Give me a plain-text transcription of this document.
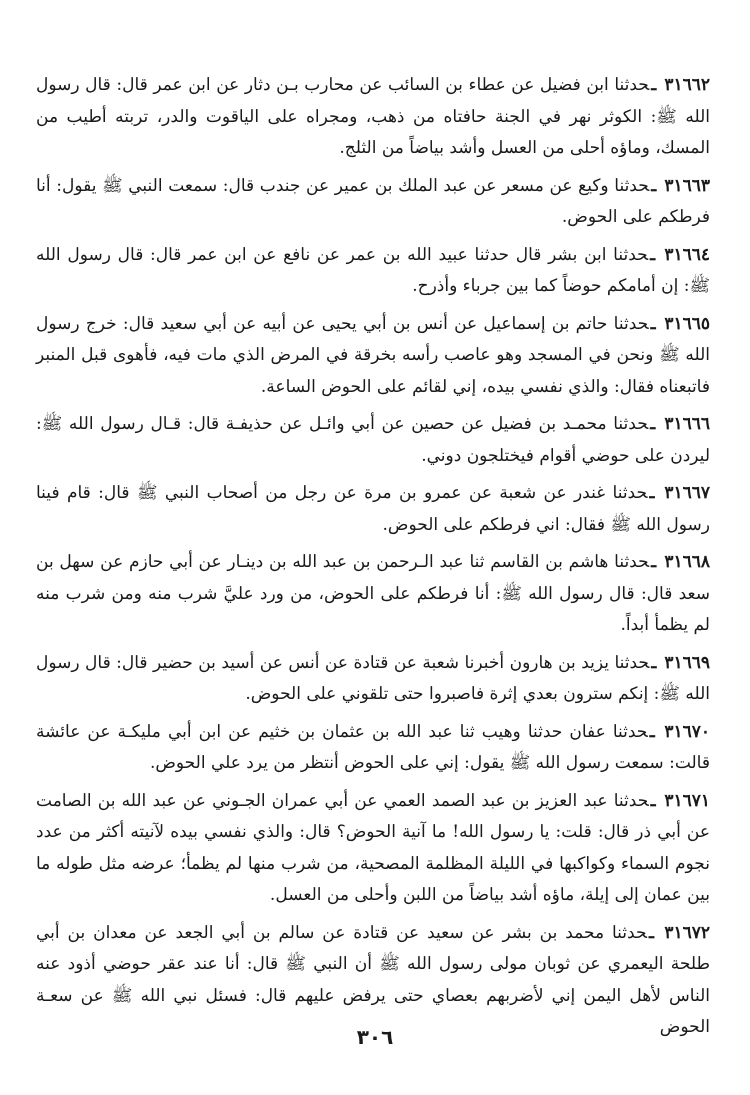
٣١٦٦٢ ـحدثنا ابن فضيل عن عطاء بن السائب عن محارب بـن دثار عن ابن عمر قال: قال رسول الله ﷺ: الكوثر نهر في الجنة حافتاه من ذهب، ومجراه على الياقوت والدر، تربته أطيب من المسك، وماؤه أحلى من العسل وأشد بياضاً من الثلج.

٣١٦٦٣ ـحدثنا وكيع عن مسعر عن عبد الملك بن عمير عن جندب قال: سمعت النبي ﷺ يقول: أنا فرطكم على الحوض.

٣١٦٦٤ ـحدثنا ابن بشر قال حدثنا عبيد الله بن عمر عن نافع عن ابن عمر قال: قال رسول الله ﷺ: إن أمامكم حوضاً كما بين جرباء وأذرح.

٣١٦٦٥ ـحدثنا حاتم بن إسماعيل عن أنس بن أبي يحيى عن أبيه عن أبي سعيد قال: خرج رسول الله ﷺ ونحن في المسجد وهو عاصب رأسه بخرقة في المرض الذي مات فيه، فأهوى قبل المنبر فاتبعناه فقال: والذي نفسي بيده، إني لقائم على الحوض الساعة.

٣١٦٦٦ ـحدثنا محمـد بن فضيل عن حصين عن أبي وائـل عن حذيفـة قال: قـال رسول الله ﷺ: ليردن على حوضي أقوام فيختلجون دوني.

٣١٦٦٧ ـحدثنا غندر عن شعبة عن عمرو بن مرة عن رجل من أصحاب النبي ﷺ قال: قام فينا رسول الله ﷺ فقال: اني فرطكم على الحوض.

٣١٦٦٨ ـحدثنا هاشم بن القاسم ثنا عبد الـرحمن بن عبد الله بن دينـار عن أبي حازم عن سهل بن سعد قال: قال رسول الله ﷺ: أنا فرطكم على الحوض، من ورد عليَّ شرب منه ومن شرب منه لم يظمأ أبداً.

٣١٦٦٩ ـحدثنا يزيد بن هارون أخبرنا شعبة عن قتادة عن أنس عن أسيد بن حضير قال: قال رسول الله ﷺ: إنكم سترون بعدي إثرة فاصبروا حتى تلقوني على الحوض.

٣١٦٧٠ ـحدثنا عفان حدثنا وهيب ثنا عبد الله بن عثمان بن خثيم عن ابن أبي مليكـة عن عائشة قالت: سمعت رسول الله ﷺ يقول: إني على الحوض أنتظر من يرد علي الحوض.

٣١٦٧١ ـحدثنا عبد العزيز بن عبد الصمد العمي عن أبي عمران الجـوني عن عبد الله بن الصامت عن أبي ذر قال: قلت: يا رسول الله! ما آنية الحوض؟ قال: والذي نفسي بيده لآنيته أكثر من عدد نجوم السماء وكواكبها في الليلة المظلمة المصحية، من شرب منها لم يظمأ؛ عرضه مثل طوله ما بين عمان إلى إيلة، ماؤه أشد بياضاً من اللبن وأحلى من العسل.

٣١٦٧٢ ـحدثنا محمد بن بشر عن سعيد عن قتادة عن سالم بن أبي الجعد عن معدان بن أبي طلحة اليعمري عن ثوبان مولى رسول الله ﷺ أن النبي ﷺ قال: أنا عند عقر حوضي أذود عنه الناس لأهل اليمن إني لأضربهم بعصاي حتى يرفض عليهم قال: فسئل نبي الله ﷺ عن سعـة الحوض

٣٠٦
